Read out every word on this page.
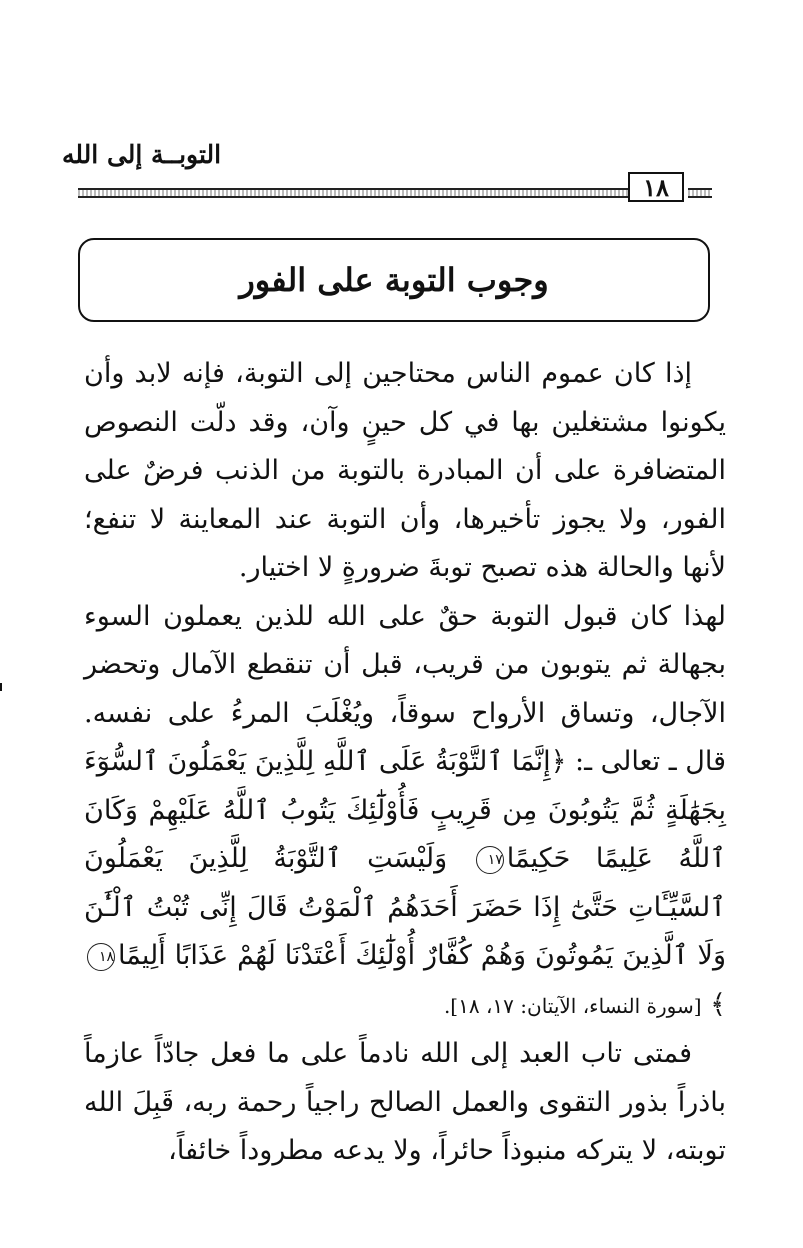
التوبــة إلى الله
١٨
وجوب التوبة على الفور

إذا كان عموم الناس محتاجين إلى التوبة، فإنه لابد وأن يكونوا مشتغلين بها في كل حينٍ وآن، وقد دلّت النصوص المتضافرة على أن المبادرة بالتوبة من الذنب فرضٌ على الفور، ولا يجوز تأخيرها، وأن التوبة عند المعاينة لا تنفع؛ لأنها والحالة هذه تصبح توبةَ ضرورةٍ لا اختيار.

لهذا كان قبول التوبة حقٌ على الله للذين يعملون السوء بجهالة ثم يتوبون من قريب، قبل أن تنقطع الآمال وتحضر الآجال، وتساق الأرواح سوقاً، ويُغْلَبَ المرءُ على نفسه. قال ـ تعالى ـ: ﴿إِنَّمَا ٱلتَّوْبَةُ عَلَى ٱللَّهِ لِلَّذِينَ يَعْمَلُونَ ٱلسُّوٓءَ بِجَهَٰلَةٍ ثُمَّ يَتُوبُونَ مِن قَرِيبٍ فَأُوْلَٰٓئِكَ يَتُوبُ ٱللَّهُ عَلَيْهِمْ وَكَانَ ٱللَّهُ عَلِيمًا حَكِيمًا١٧ وَلَيْسَتِ ٱلتَّوْبَةُ لِلَّذِينَ يَعْمَلُونَ ٱلسَّيِّـَٔاتِ حَتَّىٰٓ إِذَا حَضَرَ أَحَدَهُمُ ٱلْمَوْتُ قَالَ إِنِّى تُبْتُ ٱلْـَٰٔنَ وَلَا ٱلَّذِينَ يَمُوتُونَ وَهُمْ كُفَّارٌ أُوْلَٰٓئِكَ أَعْتَدْنَا لَهُمْ عَذَابًا أَلِيمًا١٨﴾ [سورة النساء، الآيتان: ١٧، ١٨].

فمتى تاب العبد إلى الله نادماً على ما فعل جادّاً عازماً باذراً بذور التقوى والعمل الصالح راجياً رحمة ربه، قَبِلَ الله توبته، لا يتركه منبوذاً حائراً، ولا يدعه مطروداً خائفاً،
